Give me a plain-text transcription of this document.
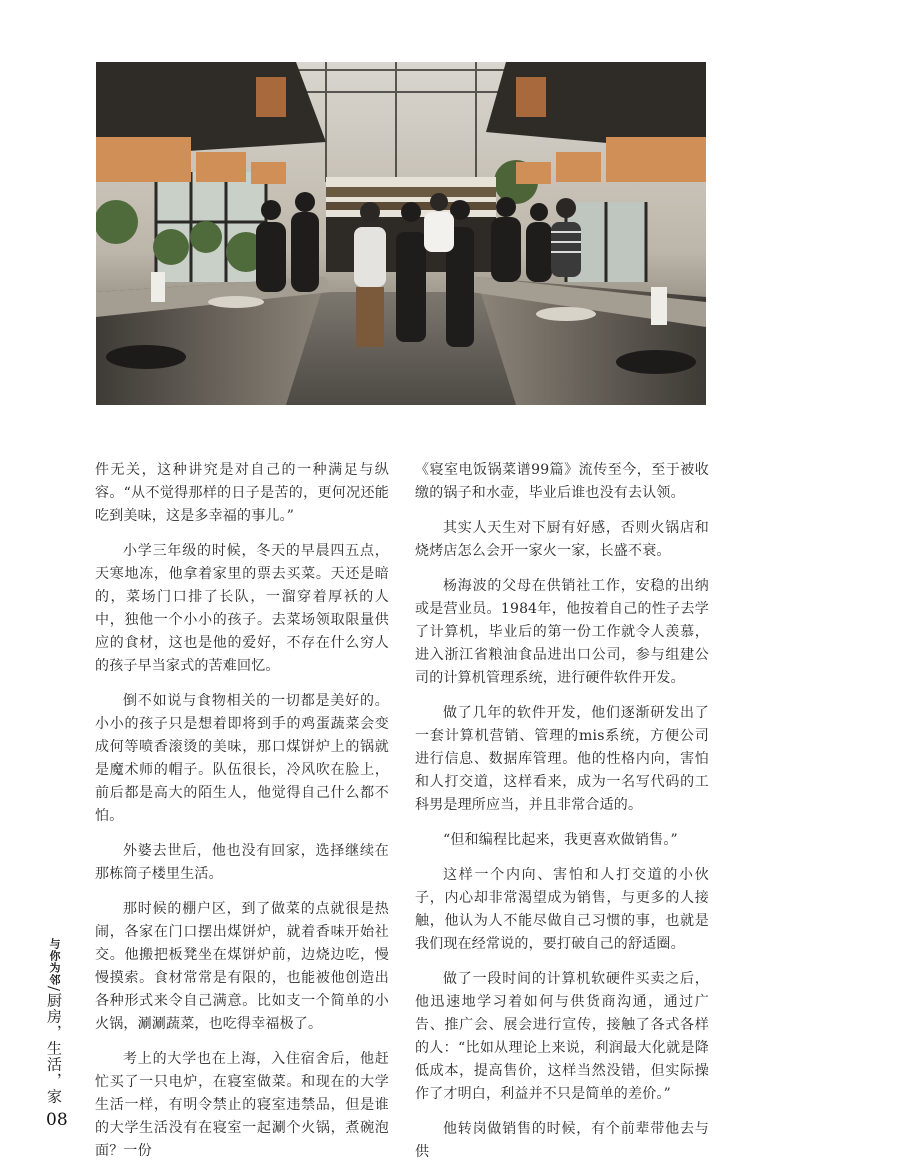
件无关，这种讲究是对自己的一种满足与纵容。“从不觉得那样的日子是苦的，更何况还能吃到美味，这是多幸福的事儿。”

小学三年级的时候，冬天的早晨四五点，天寒地冻，他拿着家里的票去买菜。天还是暗的，菜场门口排了长队，一溜穿着厚袄的人中，独他一个小小的孩子。去菜场领取限量供应的食材，这也是他的爱好，不存在什么穷人的孩子早当家式的苦难回忆。

倒不如说与食物相关的一切都是美好的。小小的孩子只是想着即将到手的鸡蛋蔬菜会变成何等喷香滚烫的美味，那口煤饼炉上的锅就是魔术师的帽子。队伍很长，冷风吹在脸上，前后都是高大的陌生人，他觉得自己什么都不怕。

外婆去世后，他也没有回家，选择继续在那栋筒子楼里生活。

那时候的棚户区，到了做菜的点就很是热闹，各家在门口摆出煤饼炉，就着香味开始社交。他搬把板凳坐在煤饼炉前，边烧边吃，慢慢摸索。食材常常是有限的，也能被他创造出各种形式来令自己满意。比如支一个简单的小火锅，涮涮蔬菜，也吃得幸福极了。

考上的大学也在上海，入住宿舍后，他赶忙买了一只电炉，在寝室做菜。和现在的大学生活一样，有明令禁止的寝室违禁品，但是谁的大学生活没有在寝室一起涮个火锅，煮碗泡面？一份

《寝室电饭锅菜谱99篇》流传至今，至于被收缴的锅子和水壶，毕业后谁也没有去认领。

其实人天生对下厨有好感，否则火锅店和烧烤店怎么会开一家火一家，长盛不衰。

杨海波的父母在供销社工作，安稳的出纳或是营业员。1984年，他按着自己的性子去学了计算机，毕业后的第一份工作就令人羡慕，进入浙江省粮油食品进出口公司，参与组建公司的计算机管理系统，进行硬件软件开发。

做了几年的软件开发，他们逐渐研发出了一套计算机营销、管理的mis系统，方便公司进行信息、数据库管理。他的性格内向，害怕和人打交道，这样看来，成为一名写代码的工科男是理所应当，并且非常合适的。

“但和编程比起来，我更喜欢做销售。”

这样一个内向、害怕和人打交道的小伙子，内心却非常渴望成为销售，与更多的人接触，他认为人不能尽做自己习惯的事，也就是我们现在经常说的，要打破自己的舒适圈。

做了一段时间的计算机软硬件买卖之后，他迅速地学习着如何与供货商沟通，通过广告、推广会、展会进行宣传，接触了各式各样的人：“比如从理论上来说，利润最大化就是降低成本，提高售价，这样当然没错，但实际操作了才明白，利益并不只是简单的差价。”

他转岗做销售的时候，有个前辈带他去与供

与你为邻/厨房，生活，家
08
